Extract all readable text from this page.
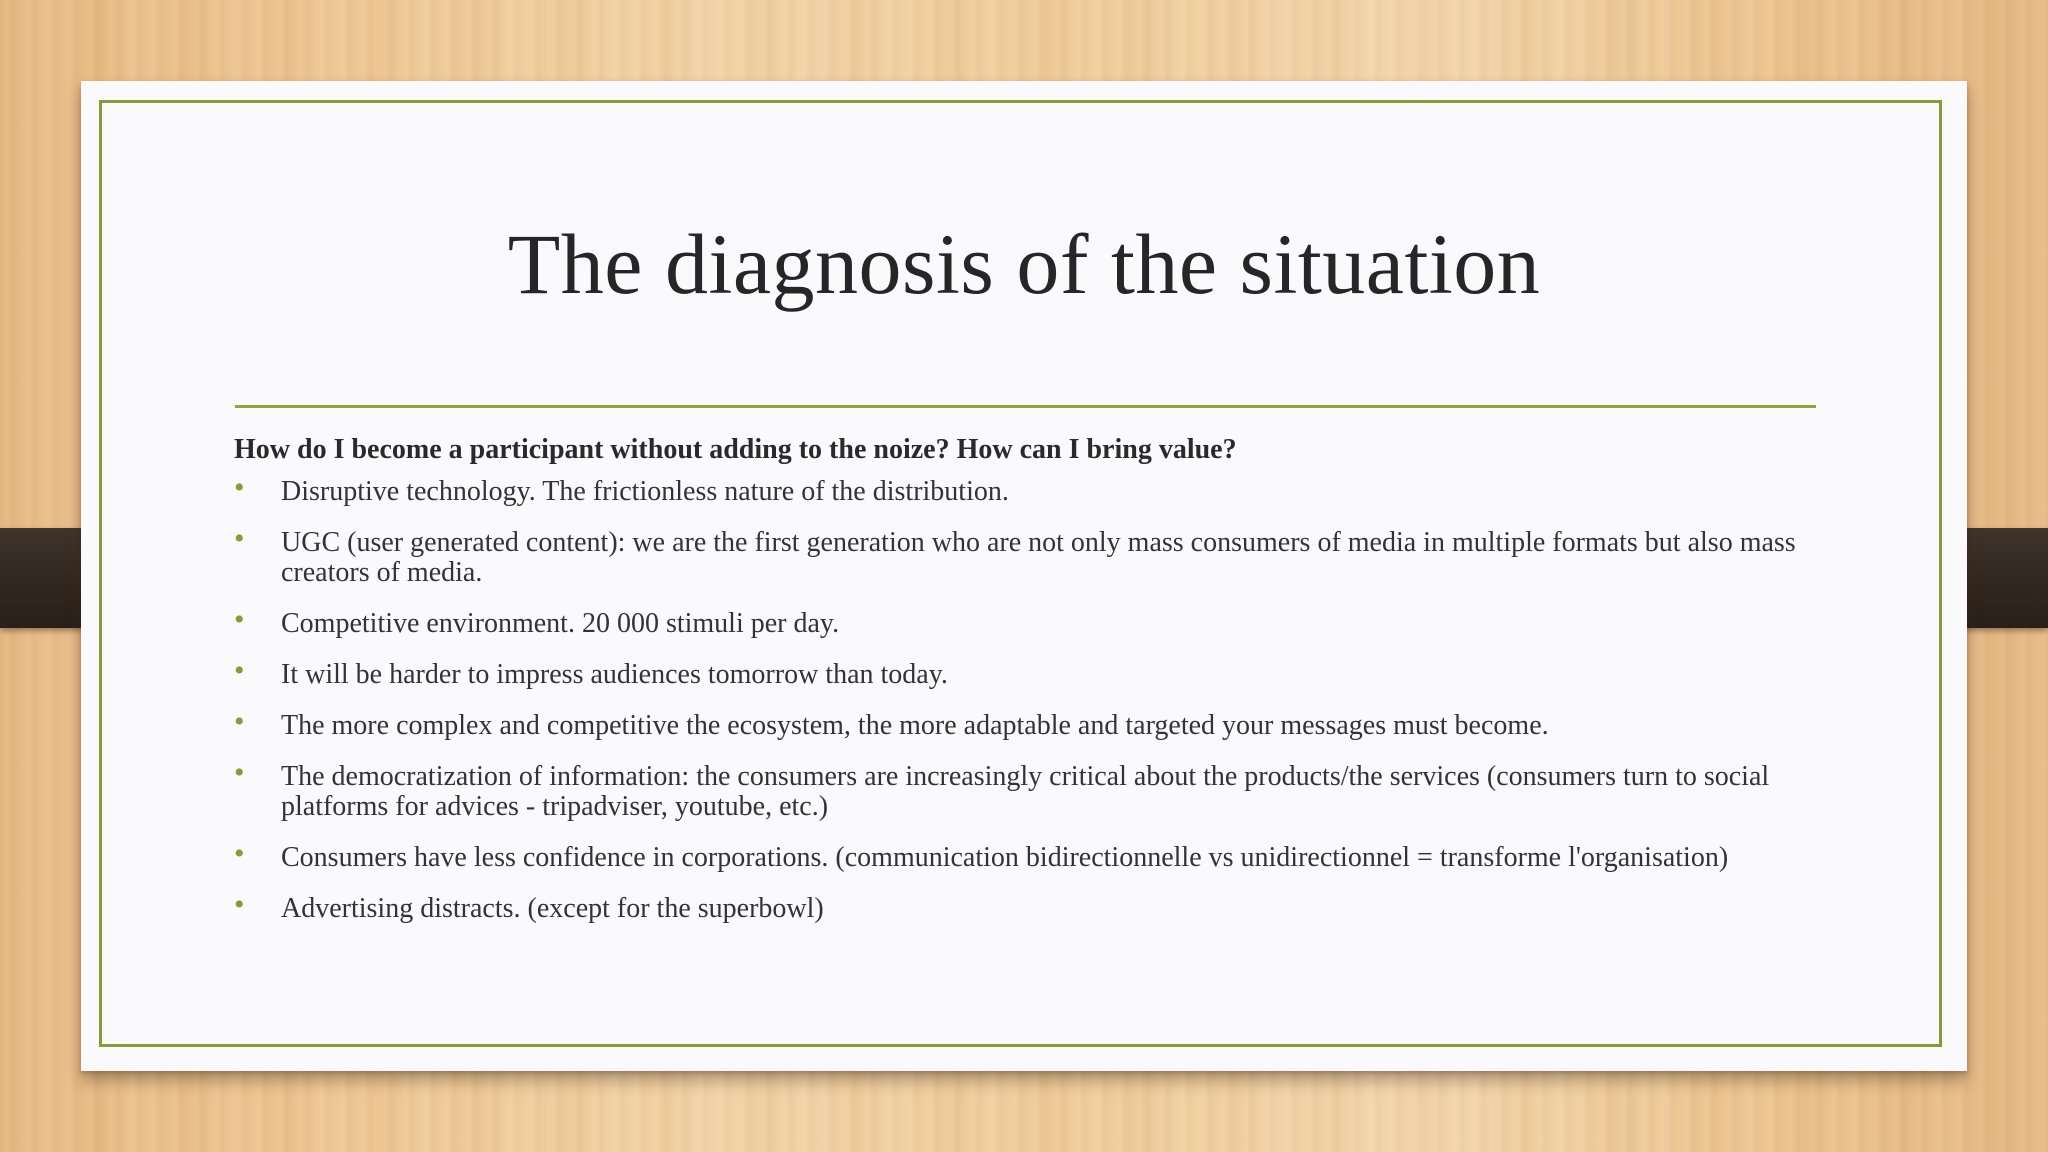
The diagnosis of the situation
How do I become a participant without adding to the noize? How can I bring value?
• Disruptive technology. The frictionless nature of the distribution.
• UGC (user generated content): we are the first generation who are not only mass consumers of media in multiple formats but also mass creators of media.
• Competitive environment. 20 000 stimuli per day.
• It will be harder to impress audiences tomorrow than today.
• The more complex and competitive the ecosystem, the more adaptable and targeted your messages must become.
• The democratization of information: the consumers are increasingly critical about the products/the services (consumers turn to social platforms for advices - tripadviser, youtube, etc.)
• Consumers have less confidence in corporations. (communication bidirectionnelle vs unidirectionnel = transforme l'organisation)
• Advertising distracts. (except for the superbowl)
